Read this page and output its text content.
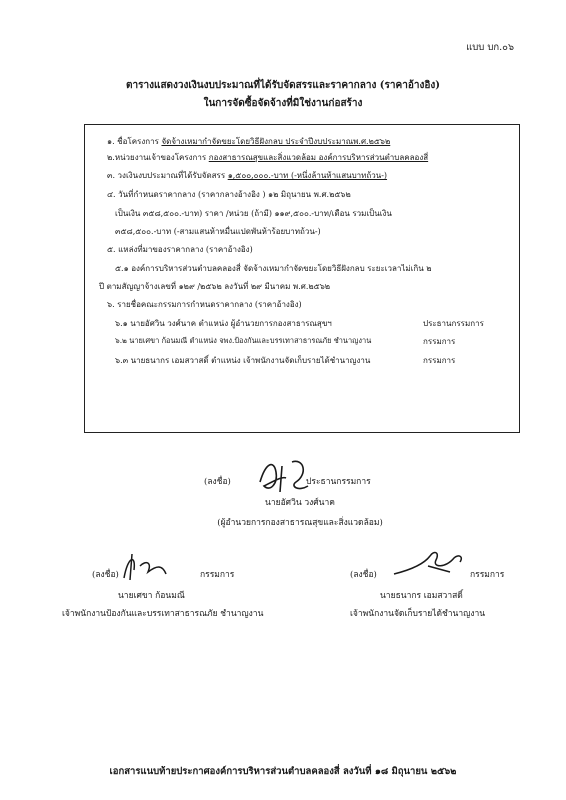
แบบ บก.๐๖
ตารางแสดงวงเงินงบประมาณที่ได้รับจัดสรรและราคากลาง (ราคาอ้างอิง)
ในการจัดซื้อจัดจ้างที่มิใช่งานก่อสร้าง
๑. ชื่อโครงการ จัดจ้างเหมากำจัดขยะโดยวิธีฝังกลบ ประจำปีงบประมาณพ.ศ.๒๕๖๒
๒.หน่วยงานเจ้าของโครงการ กองสาธารณสุขและสิ่งแวดล้อม องค์การบริหารส่วนตำบลคลองสี่
๓. วงเงินงบประมาณที่ได้รับจัดสรร ๑,๕๐๐,๐๐๐.-บาท (-หนึ่งล้านห้าแสนบาทถ้วน-)
๔. วันที่กำหนดราคากลาง (ราคากลางอ้างอิง ) ๑๒ มิถุนายน พ.ศ.๒๕๖๒
เป็นเงิน ๓๕๘,๕๐๐.-บาท) ราคา /หน่วย (ถ้ามี) ๑๑๙,๕๐๐.-บาท/เดือน รวมเป็นเงิน
๓๕๘,๕๐๐.-บาท (-สามแสนห้าหมื่นแปดพันห้าร้อยบาทถ้วน-)
๕. แหล่งที่มาของราคากลาง (ราคาอ้างอิง)
๕.๑ องค์การบริหารส่วนตำบลคลองสี่ จัดจ้างเหมากำจัดขยะโดยวิธีฝังกลบ ระยะเวลาไม่เกิน ๒
ปี ตามสัญญาจ้างเลขที่ ๑๒๙ /๒๕๖๒ ลงวันที่ ๒๙ มีนาคม พ.ศ.๒๕๖๒
๖. รายชื่อคณะกรรมการกำหนดราคากลาง (ราคาอ้างอิง)
๖.๑ นายอัศวิน วงศ์นาค ตำแหน่ง ผู้อำนวยการกองสาธารณสุขฯ	ประธานกรรมการ
๖.๒ นายเศขา ก้อนมณี ตำแหน่ง จพง.ป้องกันและบรรเทาสาธารณภัย ชำนาญงาน	กรรมการ
๖.๓ นายธนากร เอมสวาสดิ์ ตำแหน่ง เจ้าพนักงานจัดเก็บรายได้ชำนาญงาน	กรรมการ
(ลงชื่อ)	ประธานกรรมการ
นายอัศวิน วงศ์นาค
(ผู้อำนวยการกองสาธารณสุขและสิ่งแวดล้อม)
(ลงชื่อ)	กรรมการ
นายเศขา ก้อนมณี
เจ้าพนักงานป้องกันและบรรเทาสาธารณภัย ชำนาญงาน
(ลงชื่อ)	กรรมการ
นายธนากร เอมสวาสดิ์
เจ้าพนักงานจัดเก็บรายได้ชำนาญงาน
เอกสารแนบท้ายประกาศองค์การบริหารส่วนตำบลคลองสี่ ลงวันที่ ๑๘ มิถุนายน ๒๕๖๒
